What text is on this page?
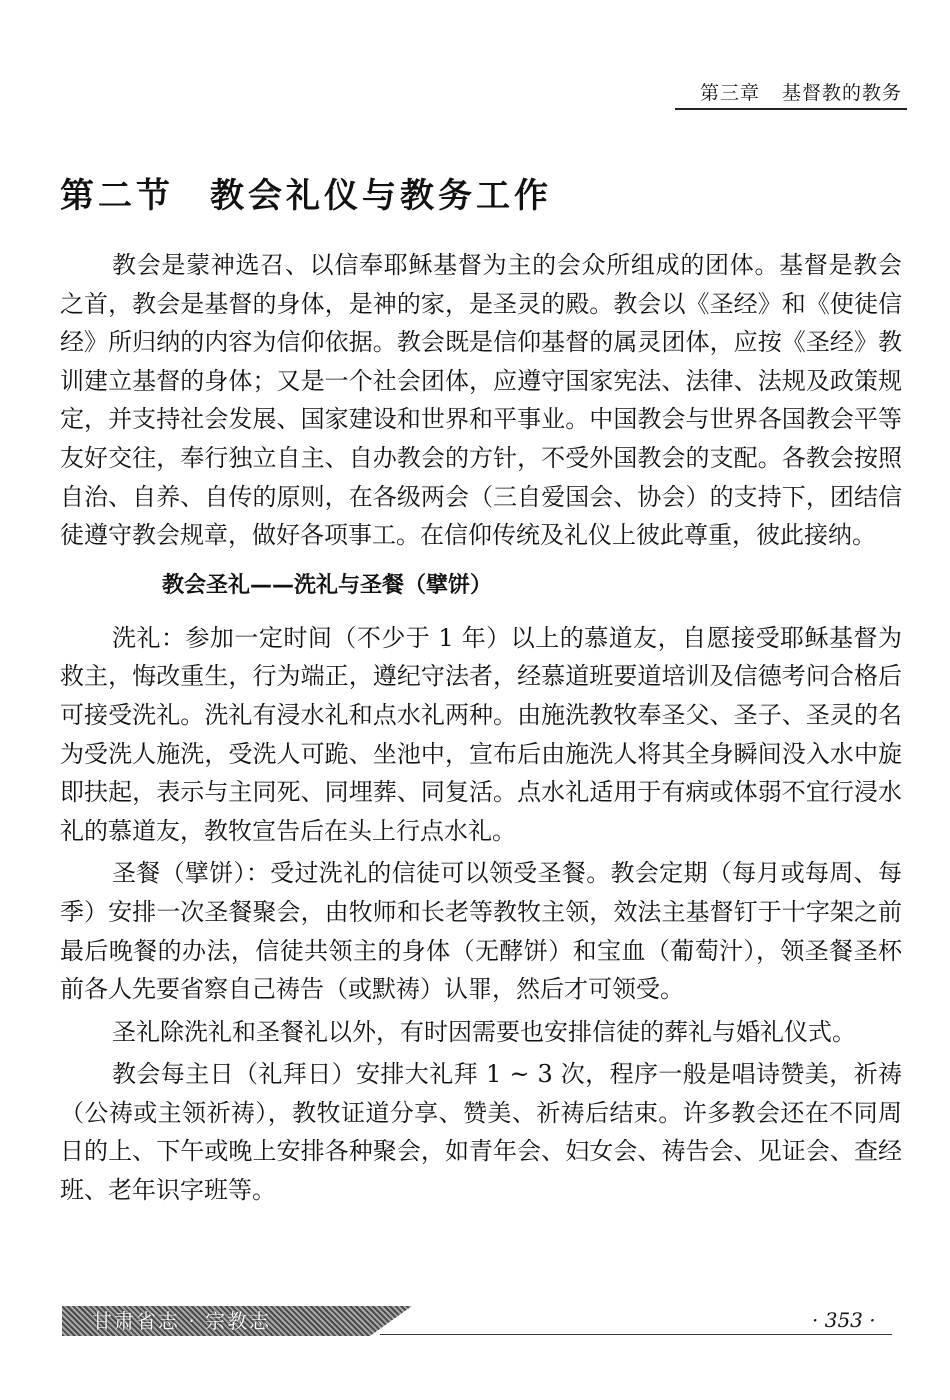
第三章 基督教的教务
第二节 教会礼仪与教务工作

教会是蒙神选召、以信奉耶稣基督为主的会众所组成的团体。基督是教会之首，教会是基督的身体，是神的家，是圣灵的殿。教会以《圣经》和《使徒信经》所归纳的内容为信仰依据。教会既是信仰基督的属灵团体，应按《圣经》教训建立基督的身体；又是一个社会团体，应遵守国家宪法、法律、法规及政策规定，并支持社会发展、国家建设和世界和平事业。中国教会与世界各国教会平等友好交往，奉行独立自主、自办教会的方针，不受外国教会的支配。各教会按照自治、自养、自传的原则，在各级两会（三自爱国会、协会）的支持下，团结信徒遵守教会规章，做好各项事工。在信仰传统及礼仪上彼此尊重，彼此接纳。

教会圣礼——洗礼与圣餐（擘饼）

洗礼：参加一定时间（不少于 1 年）以上的慕道友，自愿接受耶稣基督为救主，悔改重生，行为端正，遵纪守法者，经慕道班要道培训及信德考问合格后可接受洗礼。洗礼有浸水礼和点水礼两种。由施洗教牧奉圣父、圣子、圣灵的名为受洗人施洗，受洗人可跪、坐池中，宣布后由施洗人将其全身瞬间没入水中旋即扶起，表示与主同死、同埋葬、同复活。点水礼适用于有病或体弱不宜行浸水礼的慕道友，教牧宣告后在头上行点水礼。

圣餐（擘饼）：受过洗礼的信徒可以领受圣餐。教会定期（每月或每周、每季）安排一次圣餐聚会，由牧师和长老等教牧主领，效法主基督钉于十字架之前最后晚餐的办法，信徒共领主的身体（无酵饼）和宝血（葡萄汁），领圣餐圣杯前各人先要省察自己祷告（或默祷）认罪，然后才可领受。

圣礼除洗礼和圣餐礼以外，有时因需要也安排信徒的葬礼与婚礼仪式。

教会每主日（礼拜日）安排大礼拜 1 ~ 3 次，程序一般是唱诗赞美，祈祷（公祷或主领祈祷），教牧证道分享、赞美、祈祷后结束。许多教会还在不同周日的上、下午或晚上安排各种聚会，如青年会、妇女会、祷告会、见证会、查经班、老年识字班等。

甘肃省志 · 宗教志	· 353 ·
